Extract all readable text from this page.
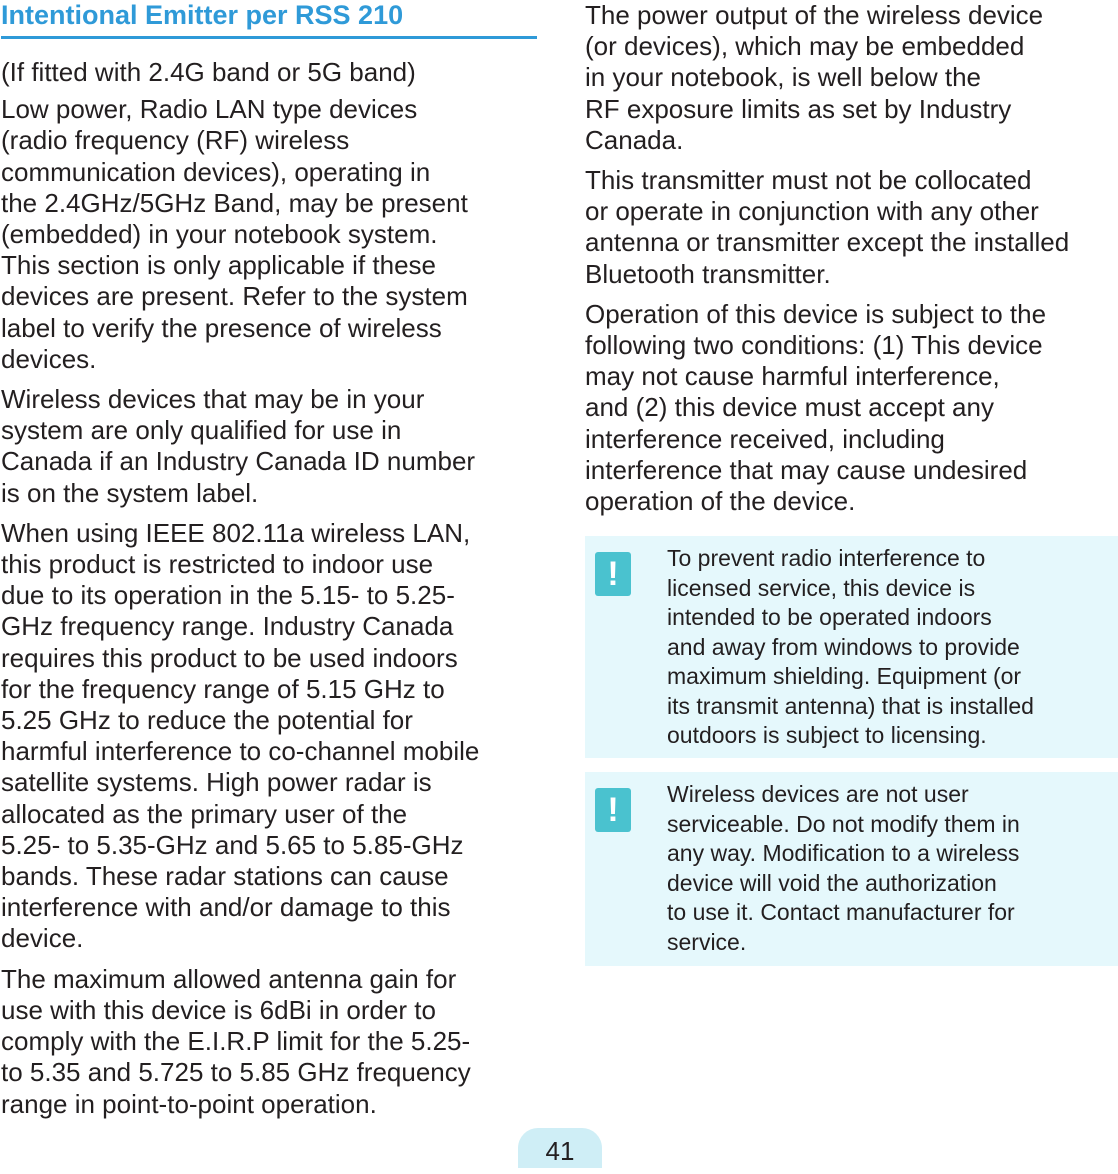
Intentional Emitter per RSS 210

(If fitted with 2.4G band or 5G band)

Low power, Radio LAN type devices
(radio frequency (RF) wireless
communication devices), operating in
the 2.4GHz/5GHz Band, may be present
(embedded) in your notebook system.
This section is only applicable if these
devices are present. Refer to the system
label to verify the presence of wireless
devices.

Wireless devices that may be in your
system are only qualified for use in
Canada if an Industry Canada ID number
is on the system label.

When using IEEE 802.11a wireless LAN,
this product is restricted to indoor use
due to its operation in the 5.15- to 5.25-
GHz frequency range. Industry Canada
requires this product to be used indoors
for the frequency range of 5.15 GHz to
5.25 GHz to reduce the potential for
harmful interference to co-channel mobile
satellite systems. High power radar is
allocated as the primary user of the
5.25- to 5.35-GHz and 5.65 to 5.85-GHz
bands. These radar stations can cause
interference with and/or damage to this
device.

The maximum allowed antenna gain for
use with this device is 6dBi in order to
comply with the E.I.R.P limit for the 5.25-
to 5.35 and 5.725 to 5.85 GHz frequency
range in point-to-point operation.

The power output of the wireless device
(or devices), which may be embedded
in your notebook, is well below the
RF exposure limits as set by Industry
Canada.

This transmitter must not be collocated
or operate in conjunction with any other
antenna or transmitter except the installed
Bluetooth transmitter.

Operation of this device is subject to the
following two conditions: (1) This device
may not cause harmful interference,
and (2) this device must accept any
interference received, including
interference that may cause undesired
operation of the device.

!	To prevent radio interference to
licensed service, this device is
intended to be operated indoors
and away from windows to provide
maximum shielding. Equipment (or
its transmit antenna) that is installed
outdoors is subject to licensing.
!	Wireless devices are not user
serviceable. Do not modify them in
any way. Modification to a wireless
device will void the authorization
to use it. Contact manufacturer for
service.
41
